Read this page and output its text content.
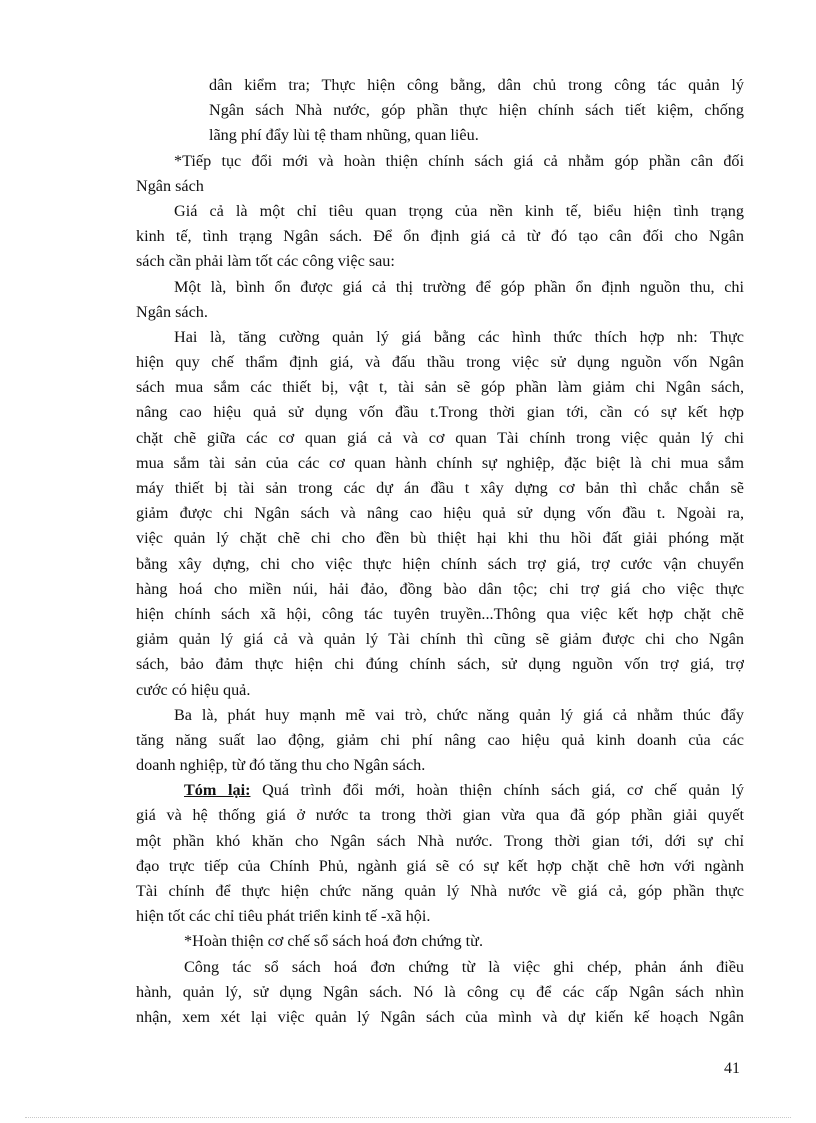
dân kiểm tra; Thực hiện công bằng, dân chủ trong công tác quản lý
Ngân sách Nhà nước, góp phần thực hiện chính sách tiết kiệm, chống
lãng phí đẩy lùi tệ tham nhũng, quan liêu.
*Tiếp tục đổi mới và hoàn thiện chính sách giá cả nhằm góp phần cân đối
Ngân sách
Giá cả là một chỉ tiêu quan trọng của nền kinh tế, biểu hiện tình trạng
kinh tế, tình trạng Ngân sách. Để ổn định giá cả từ đó tạo cân đối cho Ngân
sách cần phải làm tốt các công việc sau:
Một là, bình ổn được giá cả thị trường để góp phần ổn định nguồn thu, chi
Ngân sách.
Hai là, tăng cường quản lý giá bằng các hình thức thích hợp nh: Thực
hiện quy chế thẩm định giá, và đấu thầu trong việc sử dụng nguồn vốn Ngân
sách mua sắm các thiết bị, vật t, tài sản sẽ góp phần làm giảm chi Ngân sách,
nâng cao hiệu quả sử dụng vốn đầu t.Trong thời gian tới, cần có sự kết hợp
chặt chẽ giữa các cơ quan giá cả và cơ quan Tài chính trong việc quản lý chi
mua sắm tài sản của các cơ quan hành chính sự nghiệp, đặc biệt là chi mua sắm
máy thiết bị tài sản trong các dự án đầu t xây dựng cơ bản thì chắc chắn sẽ
giảm được chi Ngân sách và nâng cao hiệu quả sử dụng vốn đầu t. Ngoài ra,
việc quản lý chặt chẽ chi cho đền bù thiệt hại khi thu hồi đất giải phóng mặt
bằng xây dựng, chi cho việc thực hiện chính sách trợ giá, trợ cước vận chuyển
hàng hoá cho miền núi, hải đảo, đồng bào dân tộc; chi trợ giá cho việc thực
hiện chính sách xã hội, công tác tuyên truyền...Thông qua việc kết hợp chặt chẽ
giảm quản lý giá cả và quản lý Tài chính thì cũng sẽ giảm được chi cho Ngân
sách, bảo đảm thực hiện chi đúng chính sách, sử dụng nguồn vốn trợ giá, trợ
cước có hiệu quả.
Ba là, phát huy mạnh mẽ vai trò, chức năng quản lý giá cả nhằm thúc đẩy
tăng năng suất lao động, giảm chi phí nâng cao hiệu quả kinh doanh của các
doanh nghiệp, từ đó tăng thu cho Ngân sách.
Tóm lại: Quá trình đổi mới, hoàn thiện chính sách giá, cơ chế quản lý
giá và hệ thống giá ở nước ta trong thời gian vừa qua đã góp phần giải quyết
một phần khó khăn cho Ngân sách Nhà nước. Trong thời gian tới, dới sự chỉ
đạo trực tiếp của Chính Phủ, ngành giá sẽ có sự kết hợp chặt chẽ hơn với ngành
Tài chính để thực hiện chức năng quản lý Nhà nước về giá cả, góp phần thực
hiện tốt các chỉ tiêu phát triển kinh tế -xã hội.
*Hoàn thiện cơ chế sổ sách hoá đơn chứng từ.
Công tác sổ sách hoá đơn chứng từ là việc ghi chép, phản ánh điều
hành, quản lý, sử dụng Ngân sách. Nó là công cụ để các cấp Ngân sách nhìn
nhận, xem xét lại việc quản lý Ngân sách của mình và dự kiến kế hoạch Ngân
41
